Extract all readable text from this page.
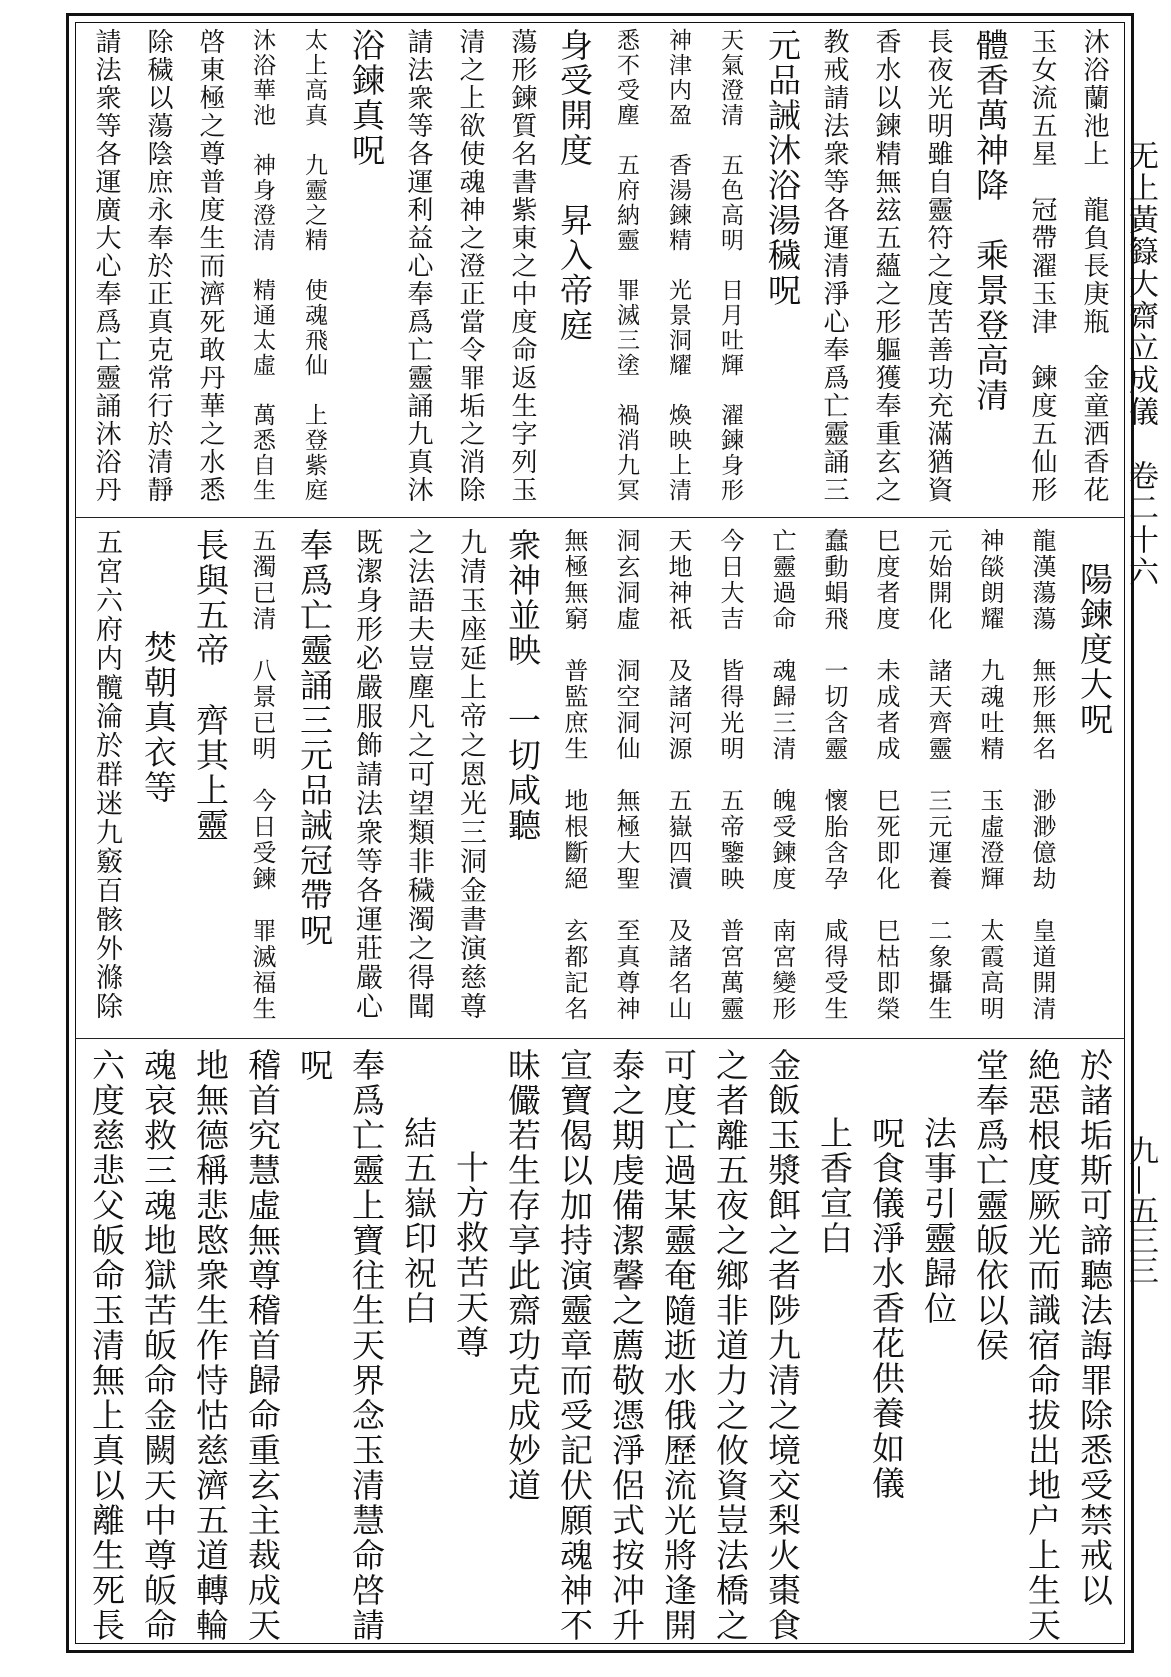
无上黃籙大齋立成儀　卷二十六
九—五三三
沐浴蘭池上　龍負長庚瓶　金童洒香花
玉女流五星　冠帶濯玉津　鍊度五仙形
體香萬神降　乘景登高清
長夜光明雖自靈符之度苦善功充滿猶資
香水以鍊精無玆五蘊之形軀獲奉重玄之
教戒請法衆等各運清淨心奉爲亡靈誦三
元品誡沐浴湯穢呪
天氣澄清　五色高明　日月吐輝　濯鍊身形
神津内盈　香湯鍊精　光景洞耀　煥映上清
悉不受塵　五府納靈　罪滅三塗　禍消九冥
身受開度　昇入帝庭
蕩形鍊質名書紫東之中度命返生字列玉
清之上欲使魂神之澄正當令罪垢之消除
請法衆等各運利益心奉爲亡靈誦九真沐
浴鍊真呪
太上高真　九靈之精　使魂飛仙　上登紫庭
沐浴華池　神身澄清　精通太虛　萬悉自生
啓東極之尊普度生而濟死敢丹華之水悉
除穢以蕩陰庶永奉於正真克常行於清靜
請法衆等各運廣大心奉爲亡靈誦沐浴丹
陽鍊度大呪
龍漢蕩蕩　無形無名　渺渺億劫　皇道開清
神燄朗耀　九魂吐精　玉虛澄輝　太霞高明
元始開化　諸天齊靈　三元運養　二象攝生
巳度者度　未成者成　巳死即化　巳枯即榮
蠢動蜎飛　一切含靈　懷胎含孕　咸得受生
亡靈過命　魂歸三清　魄受鍊度　南宮變形
今日大吉　皆得光明　五帝鑒映　普宮萬靈
天地神祇　及諸河源　五嶽四瀆　及諸名山
洞玄洞虛　洞空洞仙　無極大聖　至真尊神
無極無窮　普監庶生　地根斷絕　玄都記名
衆神並映　一切咸聽
九清玉座延上帝之恩光三洞金書演慈尊
之法語夫豈塵凡之可望類非穢濁之得聞
既潔身形必嚴服飾請法衆等各運莊嚴心
奉爲亡靈誦三元品誡冠帶呪
五濁已清　八景已明　今日受鍊　罪滅福生
長與五帝　齊其上靈
焚朝真衣等
五宮六府内髖淪於群迷九竅百骸外滌除
於諸垢斯可諦聽法誨罪除悉受禁戒以
絶惡根度厥光而識宿命拔出地户上生天
堂奉爲亡靈皈依以侯
法事引靈歸位
呪食儀淨水香花供養如儀
上香宣白
金飯玉漿餌之者陟九清之境交梨火棗食
之者離五夜之鄉非道力之攸資豈法橋之
可度亡過某靈奄隨逝水俄歷流光將逢開
泰之期虔備潔馨之薦敬憑淨侶式按冲升
宣寶偈以加持演靈章而受記伏願魂神不
昧儼若生存享此齋功克成妙道
十方救苦天尊
結五嶽印祝白
奉爲亡靈上寶往生天界念玉清慧命啓請
呪
稽首究慧虛無尊稽首歸命重玄主裁成天
地無德稱悲愍衆生作恃怙慈濟五道轉輪
魂哀救三魂地獄苦皈命金闕天中尊皈命
六度慈悲父皈命玉清無上真以離生死長
